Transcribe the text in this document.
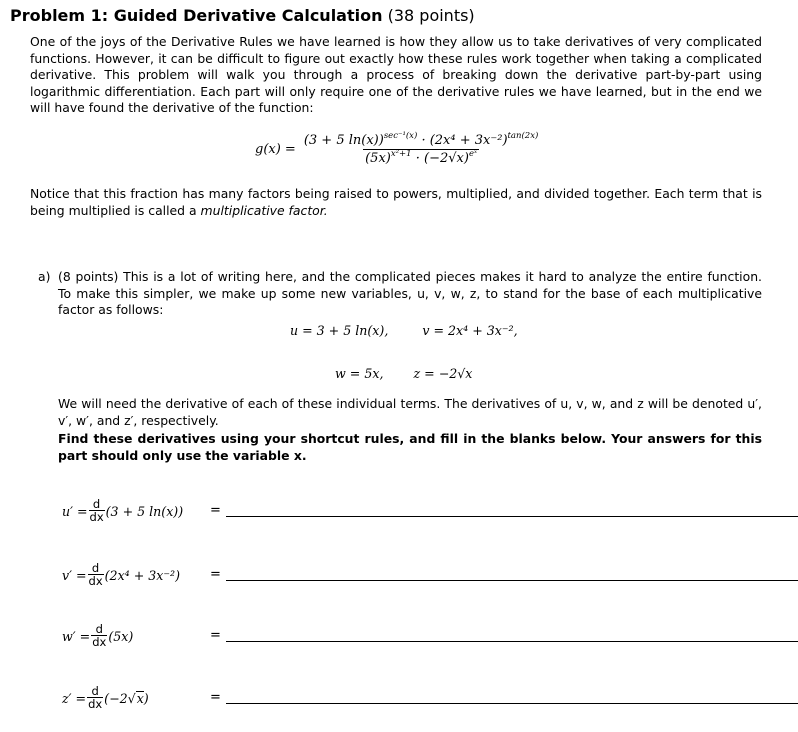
Problem 1: Guided Derivative Calculation (38 points)
One of the joys of the Derivative Rules we have learned is how they allow us to take derivatives of very complicated functions. However, it can be difficult to figure out exactly how these rules work together when taking a complicated derivative. This problem will walk you through a process of breaking down the derivative part-by-part using logarithmic differentiation. Each part will only require one of the derivative rules we have learned, but in the end we will have found the derivative of the function:
$g(x) = \frac{(3 + 5 \ln(x))^{sec^{-1}(x)} \cdot (2x^4 + 3x^{-2})^{tan(2x)}}{(5x)^{x^2+1} \cdot (-2√x)^{eˣ}}$
Notice that this fraction has many factors being raised to powers, multiplied, and divided together. Each term that is being multiplied is called a multiplicative factor.
a) (8 points) This is a lot of writing here, and the complicated pieces makes it hard to analyze the entire function. To make this simpler, we make up some new variables, u, v, w, z, to stand for the base of each multiplicative factor as follows:
u = 3 + 5 ln(x),	v = 2x⁴ + 3x⁻²,
w = 5x, z = −2√x
We will need the derivative of each of these individual terms. The derivatives of u, v, w, and z will be denoted u′, v′, w′, and z′, respectively.
Find these derivatives using your shortcut rules, and fill in the blanks below. Your answers for this part should only use the variable x.
$u' = \frac{d}{dx} (3 + 5$ ln(x)) =
$v' = \frac{d}{dx} (2x^4 + 3x^{-2})$ =
$w' = \frac{d}{dx} (5x)$	=
$z' = \frac{d}{dx} (-2√x)$	=
